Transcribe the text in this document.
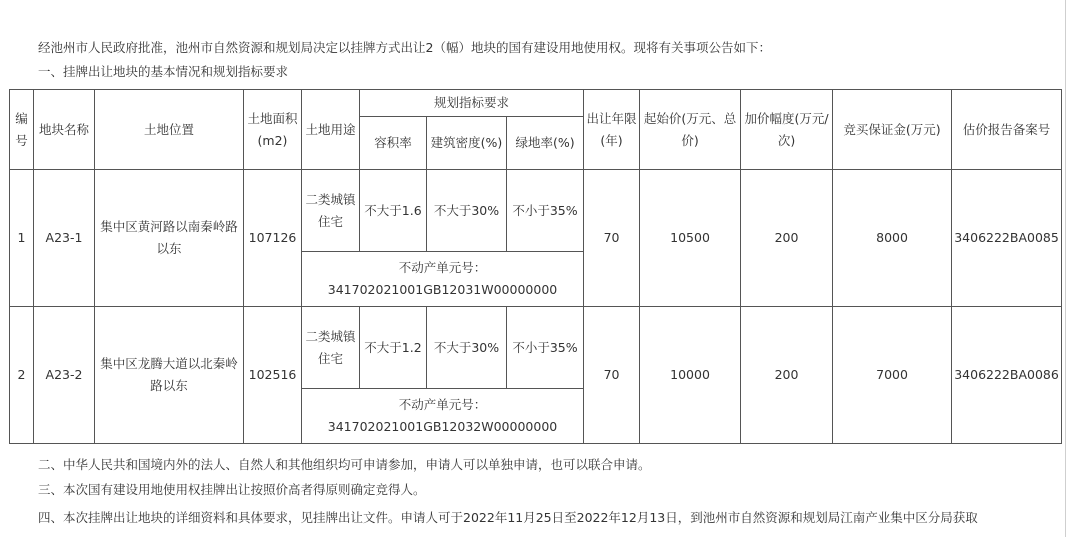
经池州市人民政府批准，池州市自然资源和规划局决定以挂牌方式出让2（幅）地块的国有建设用地使用权。现将有关事项公告如下：
一、挂牌出让地块的基本情况和规划指标要求
编号	地块名称	土地位置	土地面积(m2)	土地用途	规划指标要求			出让年限(年)	起始价(万元、总价)	加价幅度(万元/次)	竞买保证金(万元)	估价报告备案号
					容积率	建筑密度(%)	绿地率(%)					
1	A23-1	集中区黄河路以南秦岭路以东	107126	二类城镇住宅	不大于1.6	不大于30%	不小于35%	70	10500	200	8000	3406222BA0085

				不动产单元号：
341702021001GB12031W00000000								

2	A23-2	集中区龙腾大道以北秦岭路以东	102516	二类城镇住宅	不大于1.2	不大于30%	不小于35%	70	10000	200	7000	3406222BA0086

				不动产单元号：
341702021001GB12032W00000000								
二、中华人民共和国境内外的法人、自然人和其他组织均可申请参加，申请人可以单独申请，也可以联合申请。
三、本次国有建设用地使用权挂牌出让按照价高者得原则确定竞得人。
四、本次挂牌出让地块的详细资料和具体要求，见挂牌出让文件。申请人可于2022年11月25日至2022年12月13日，到池州市自然资源和规划局江南产业集中区分局获取
